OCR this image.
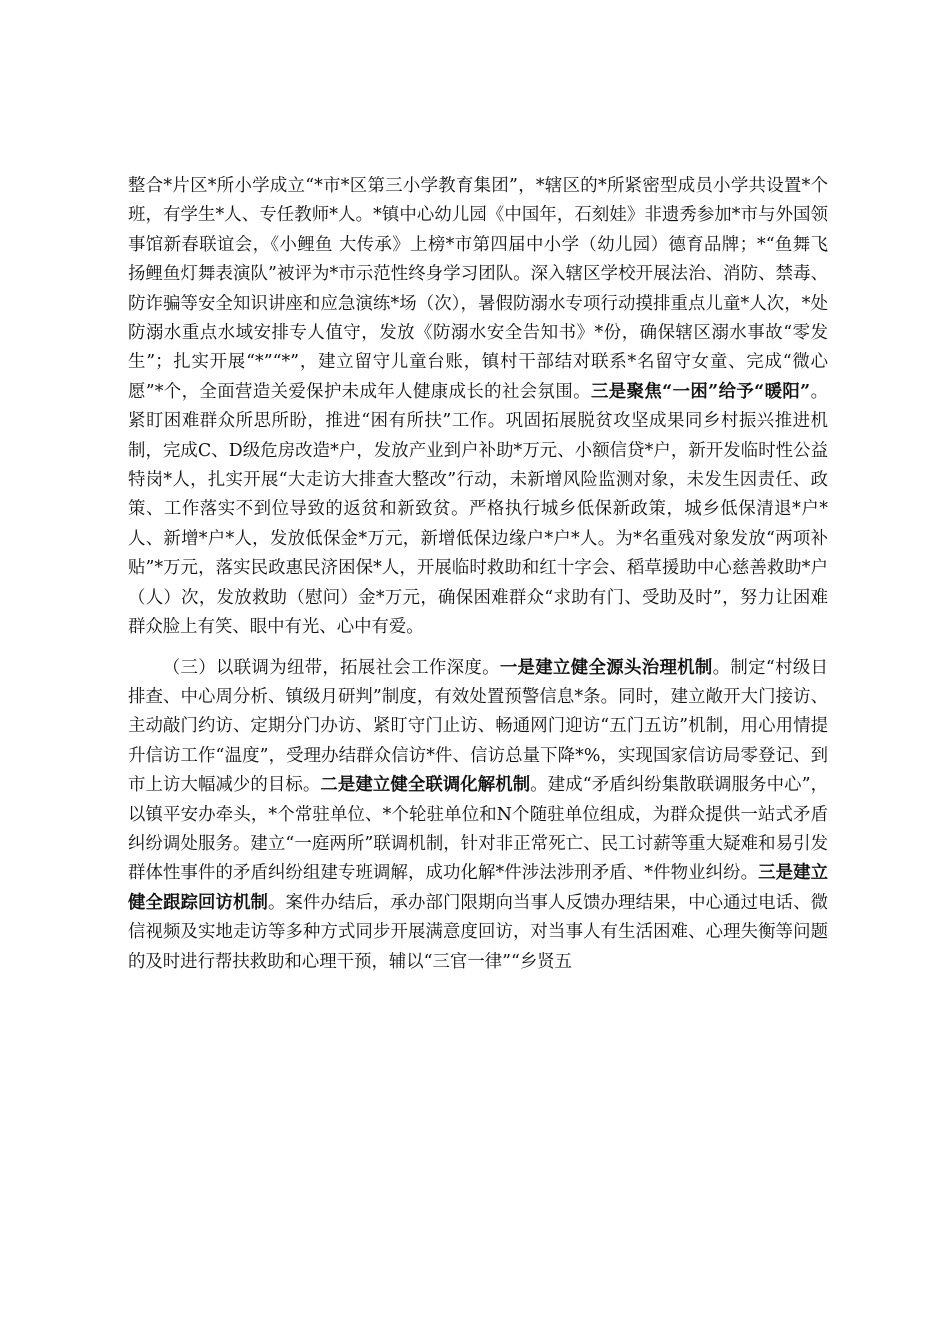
整合*片区*所小学成立“*市*区第三小学教育集团”，*辖区的*所紧密型成员小学共设置*个班，有学生*人、专任教师*人。*镇中心幼儿园《中国年，石刻娃》非遗秀参加*市与外国领事馆新春联谊会，《小鲤鱼 大传承》上榜*市第四届中小学（幼儿园）德育品牌；*“鱼舞飞扬鲤鱼灯舞表演队”被评为*市示范性终身学习团队。深入辖区学校开展法治、消防、禁毒、防诈骗等安全知识讲座和应急演练*场（次），暑假防溺水专项行动摸排重点儿童*人次，*处防溺水重点水域安排专人值守，发放《防溺水安全告知书》*份，确保辖区溺水事故“零发生”；扎实开展“*”“*”，建立留守儿童台账，镇村干部结对联系*名留守女童、完成“微心愿”*个，全面营造关爱保护未成年人健康成长的社会氛围。三是聚焦“一困”给予“暖阳”。紧盯困难群众所思所盼，推进“困有所扶”工作。巩固拓展脱贫攻坚成果同乡村振兴推进机制，完成C、D级危房改造*户，发放产业到户补助*万元、小额信贷*户，新开发临时性公益特岗*人，扎实开展“大走访大排查大整改”行动，未新增风险监测对象，未发生因责任、政策、工作落实不到位导致的返贫和新致贫。严格执行城乡低保新政策，城乡低保清退*户*人、新增*户*人，发放低保金*万元，新增低保边缘户*户*人。为*名重残对象发放“两项补贴”*万元，落实民政惠民济困保*人，开展临时救助和红十字会、稻草援助中心慈善救助*户（人）次，发放救助（慰问）金*万元，确保困难群众“求助有门、受助及时”，努力让困难群众脸上有笑、眼中有光、心中有爱。

（三）以联调为纽带，拓展社会工作深度。一是建立健全源头治理机制。制定“村级日排查、中心周分析、镇级月研判”制度，有效处置预警信息*条。同时，建立敞开大门接访、主动敲门约访、定期分门办访、紧盯守门止访、畅通网门迎访“五门五访”机制，用心用情提升信访工作“温度”，受理办结群众信访*件、信访总量下降*%，实现国家信访局零登记、到市上访大幅减少的目标。二是建立健全联调化解机制。建成“矛盾纠纷集散联调服务中心”，以镇平安办牵头，*个常驻单位、*个轮驻单位和N个随驻单位组成，为群众提供一站式矛盾纠纷调处服务。建立“一庭两所”联调机制，针对非正常死亡、民工讨薪等重大疑难和易引发群体性事件的矛盾纠纷组建专班调解，成功化解*件涉法涉刑矛盾、*件物业纠纷。三是建立健全跟踪回访机制。案件办结后，承办部门限期向当事人反馈办理结果，中心通过电话、微信视频及实地走访等多种方式同步开展满意度回访，对当事人有生活困难、心理失衡等问题的及时进行帮扶救助和心理干预，辅以“三官一律”“乡贤五
